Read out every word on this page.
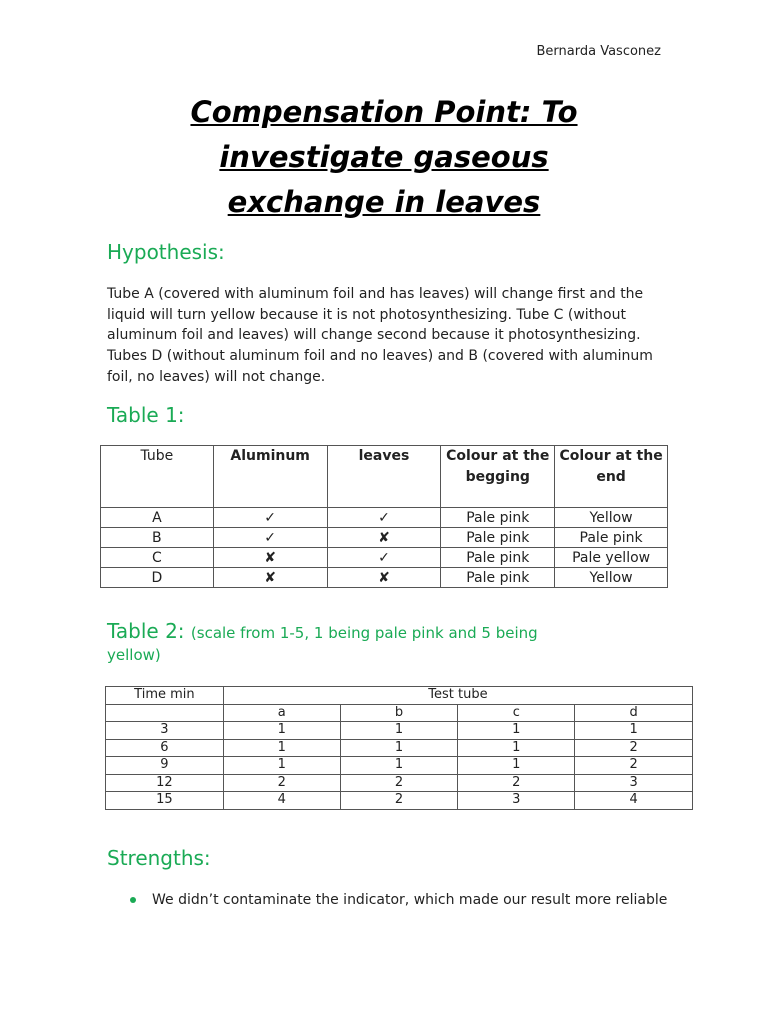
Bernarda Vasconez
Compensation Point: To
investigate gaseous
exchange in leaves
Hypothesis:
Tube A (covered with aluminum foil and has leaves) will change first and the liquid will turn yellow because it is not photosynthesizing. Tube C (without aluminum foil and leaves) will change second because it photosynthesizing. Tubes D (without aluminum foil and no leaves) and B (covered with aluminum foil, no leaves) will not change.
Table 1:
Tube	Aluminum	leaves	Colour at the begging	Colour at the end
A	✓	✓	Pale pink	Yellow
B	✓	✘	Pale pink	Pale pink
C	✘	✓	Pale pink	Pale yellow
D	✘	✘	Pale pink	Yellow
Table 2: (scale from 1-5, 1 being pale pink and 5 being
yellow)
Time min	Test tube			
	a	b	c	d
3	1	1	1	1
6	1	1	1	2
9	1	1	1	2
12	2	2	2	3
15	4	2	3	4
Strengths:
We didn’t contaminate the indicator, which made our result more reliable
